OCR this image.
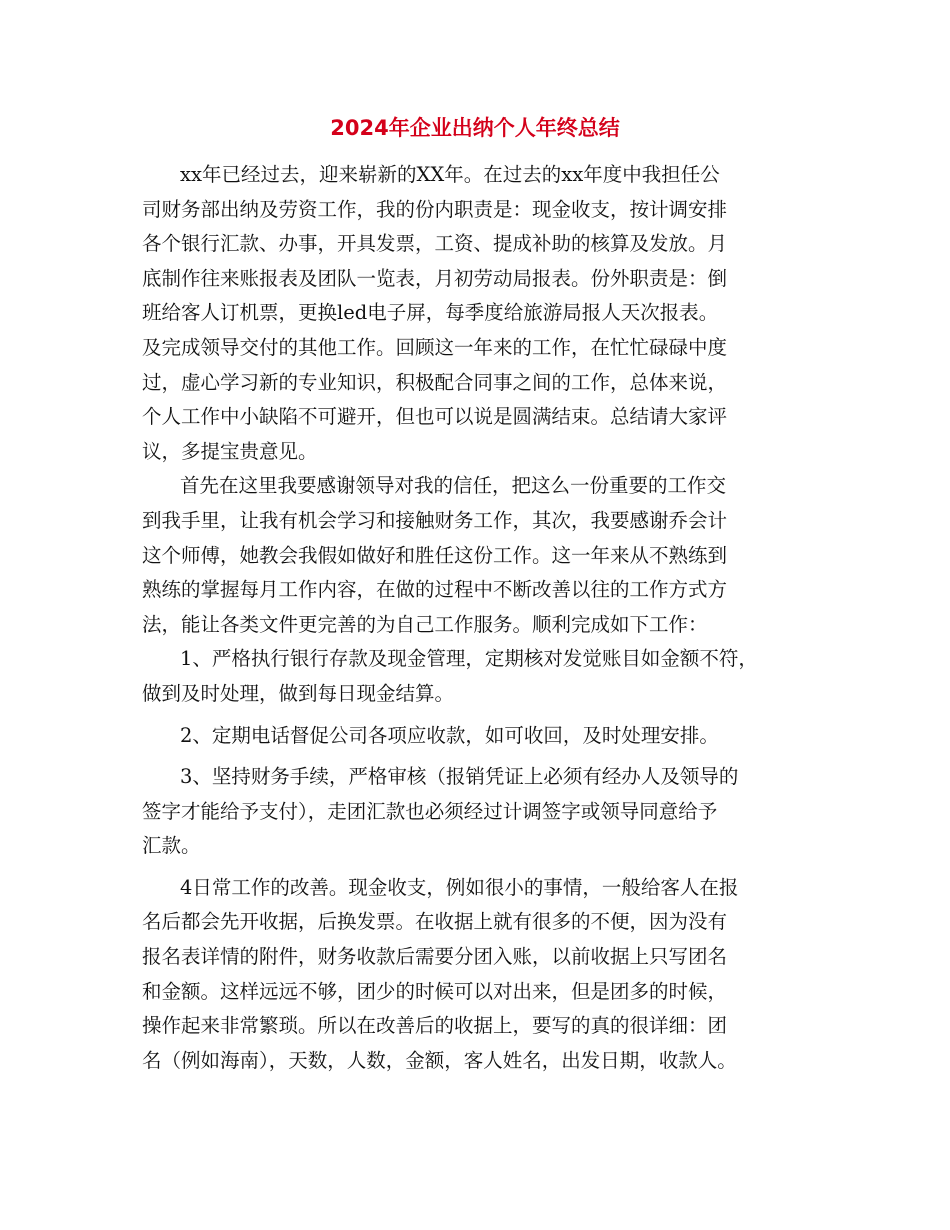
2024年企业出纳个人年终总结
xx年已经过去，迎来崭新的XX年。在过去的xx年度中我担任公
司财务部出纳及劳资工作，我的份内职责是：现金收支，按计调安排
各个银行汇款、办事，开具发票，工资、提成补助的核算及发放。月
底制作往来账报表及团队一览表，月初劳动局报表。份外职责是：倒
班给客人订机票，更换led电子屏，每季度给旅游局报人天次报表。
及完成领导交付的其他工作。回顾这一年来的工作，在忙忙碌碌中度
过，虚心学习新的专业知识，积极配合同事之间的工作，总体来说，
个人工作中小缺陷不可避开，但也可以说是圆满结束。总结请大家评
议，多提宝贵意见。
首先在这里我要感谢领导对我的信任，把这么一份重要的工作交
到我手里，让我有机会学习和接触财务工作，其次，我要感谢乔会计
这个师傅，她教会我假如做好和胜任这份工作。这一年来从不熟练到
熟练的掌握每月工作内容，在做的过程中不断改善以往的工作方式方
法，能让各类文件更完善的为自己工作服务。顺利完成如下工作：
1、严格执行银行存款及现金管理，定期核对发觉账目如金额不符，
做到及时处理，做到每日现金结算。
2、定期电话督促公司各项应收款，如可收回，及时处理安排。
3、坚持财务手续，严格审核（报销凭证上必须有经办人及领导的
签字才能给予支付），走团汇款也必须经过计调签字或领导同意给予
汇款。
4日常工作的改善。现金收支，例如很小的事情，一般给客人在报
名后都会先开收据，后换发票。在收据上就有很多的不便，因为没有
报名表详情的附件，财务收款后需要分团入账，以前收据上只写团名
和金额。这样远远不够，团少的时候可以对出来，但是团多的时候，
操作起来非常繁琐。所以在改善后的收据上，要写的真的很详细：团
名（例如海南），天数，人数，金额，客人姓名，出发日期，收款人。
